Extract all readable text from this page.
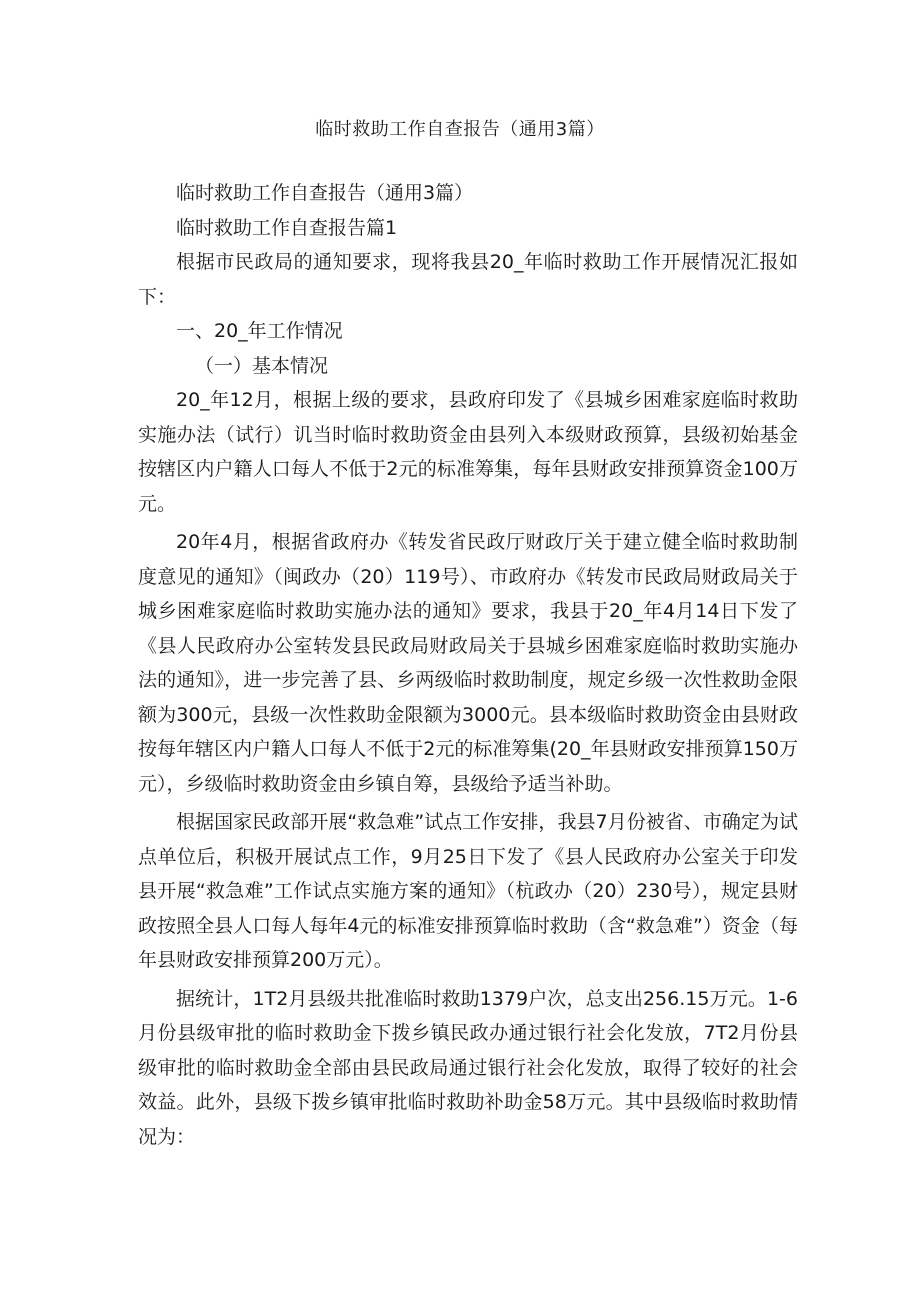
临时救助工作自查报告（通用3篇）

临时救助工作自查报告（通用3篇）

临时救助工作自查报告篇1

根据市民政局的通知要求，现将我县20_年临时救助工作开展情况汇报如下：

一、20_年工作情况

（一）基本情况

20_年12月，根据上级的要求，县政府印发了《县城乡困难家庭临时救助实施办法（试行）讥当时临时救助资金由县列入本级财政预算，县级初始基金按辖区内户籍人口每人不低于2元的标准筹集，每年县财政安排预算资金100万元。

20年4月，根据省政府办《转发省民政厅财政厅关于建立健全临时救助制度意见的通知》（闽政办（20）119号）、市政府办《转发市民政局财政局关于城乡困难家庭临时救助实施办法的通知》要求，我县于20_年4月14日下发了《县人民政府办公室转发县民政局财政局关于县城乡困难家庭临时救助实施办法的通知》，进一步完善了县、乡两级临时救助制度，规定乡级一次性救助金限额为300元，县级一次性救助金限额为3000元。县本级临时救助资金由县财政按每年辖区内户籍人口每人不低于2元的标准筹集(20_年县财政安排预算150万元），乡级临时救助资金由乡镇自筹，县级给予适当补助。

根据国家民政部开展“救急难”试点工作安排，我县7月份被省、市确定为试点单位后，积极开展试点工作，9月25日下发了《县人民政府办公室关于印发县开展“救急难”工作试点实施方案的通知》（杭政办（20）230号），规定县财政按照全县人口每人每年4元的标准安排预算临时救助（含“救急难”）资金（每年县财政安排预算200万元）。

据统计，1T2月县级共批准临时救助1379户次，总支出256.15万元。1-6月份县级审批的临时救助金下拨乡镇民政办通过银行社会化发放，7T2月份县级审批的临时救助金全部由县民政局通过银行社会化发放，取得了较好的社会效益。此外，县级下拨乡镇审批临时救助补助金58万元。其中县级临时救助情况为：
